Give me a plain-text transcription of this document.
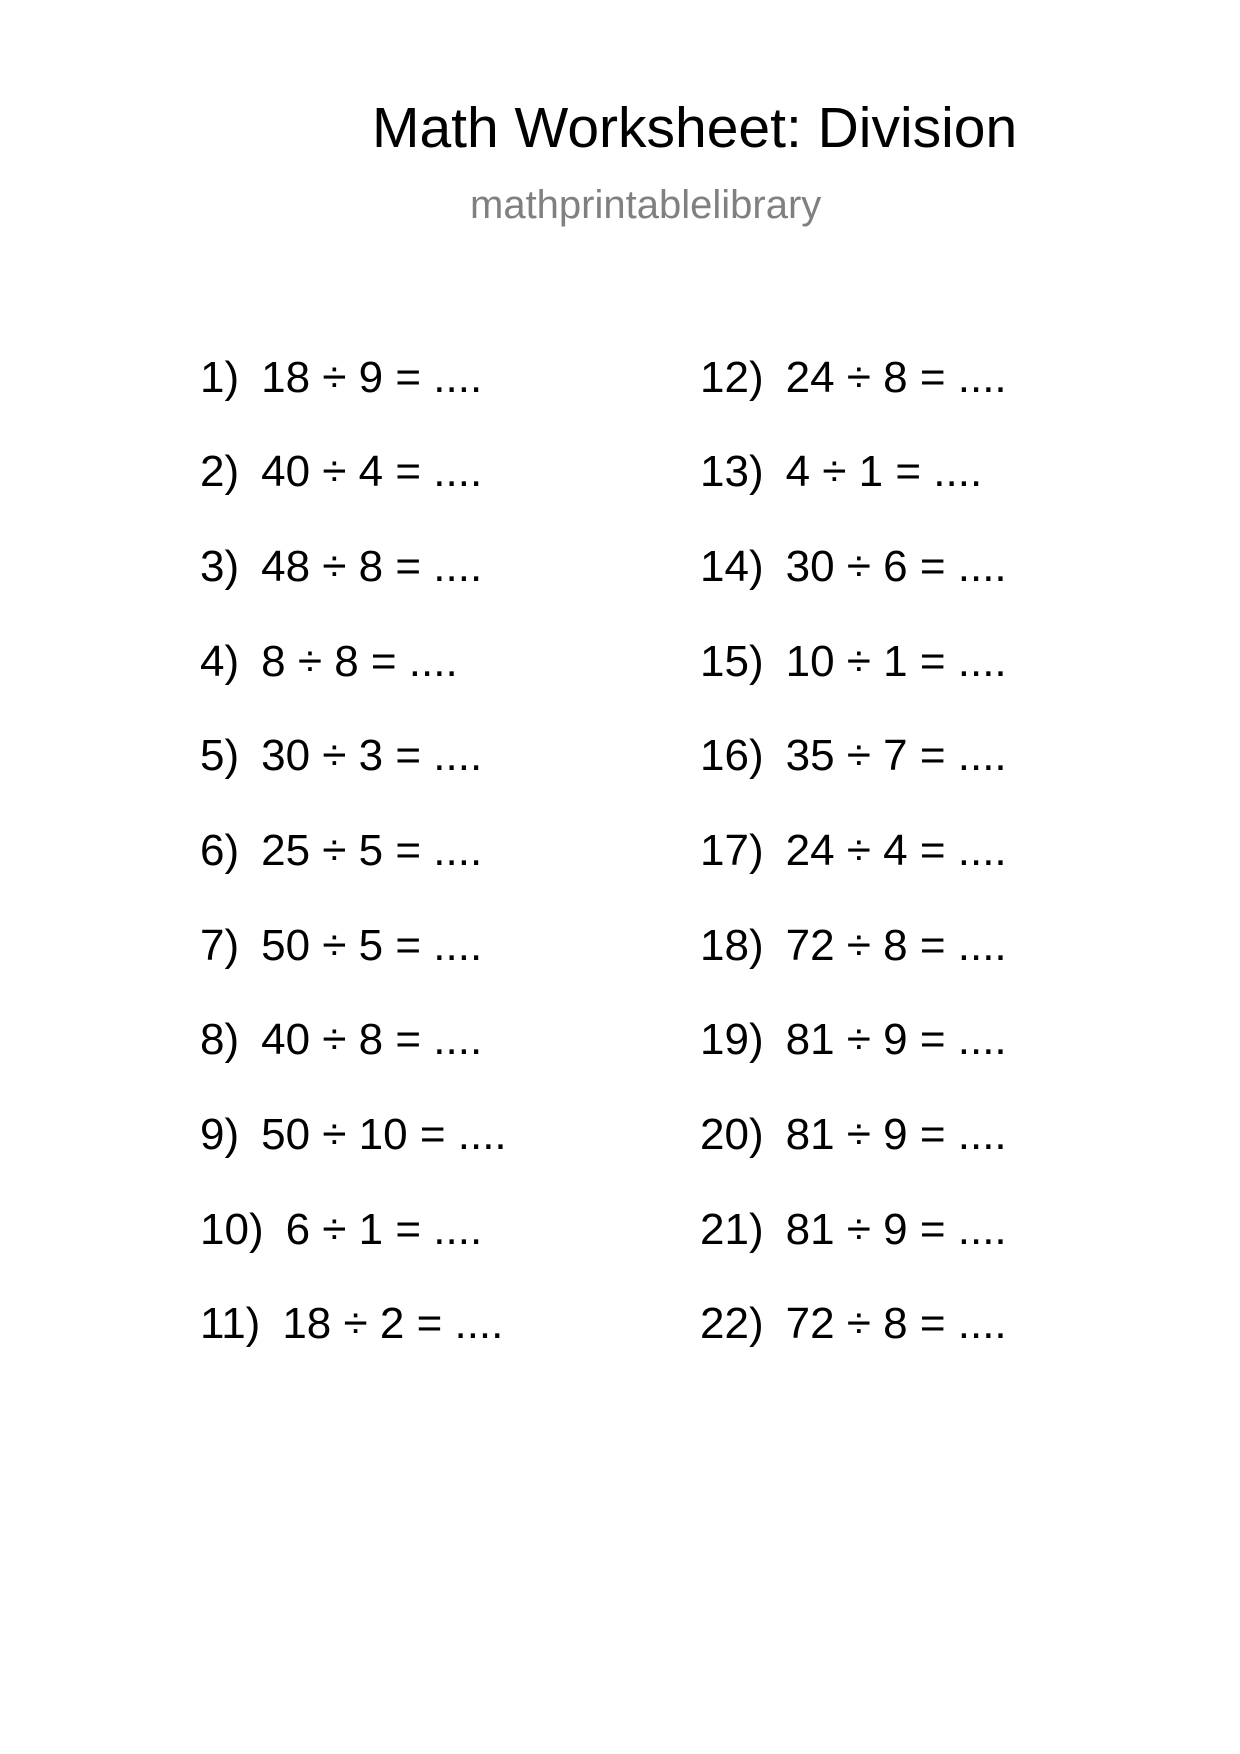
Math Worksheet: Division
mathprintablelibrary
1) 18 ÷ 9 = ....
2) 40 ÷ 4 = ....
3) 48 ÷ 8 = ....
4) 8 ÷ 8 = ....
5) 30 ÷ 3 = ....
6) 25 ÷ 5 = ....
7) 50 ÷ 5 = ....
8) 40 ÷ 8 = ....
9) 50 ÷ 10 = ....
10) 6 ÷ 1 = ....
11) 18 ÷ 2 = ....
12) 24 ÷ 8 = ....
13) 4 ÷ 1 = ....
14) 30 ÷ 6 = ....
15) 10 ÷ 1 = ....
16) 35 ÷ 7 = ....
17) 24 ÷ 4 = ....
18) 72 ÷ 8 = ....
19) 81 ÷ 9 = ....
20) 81 ÷ 9 = ....
21) 81 ÷ 9 = ....
22) 72 ÷ 8 = ....
